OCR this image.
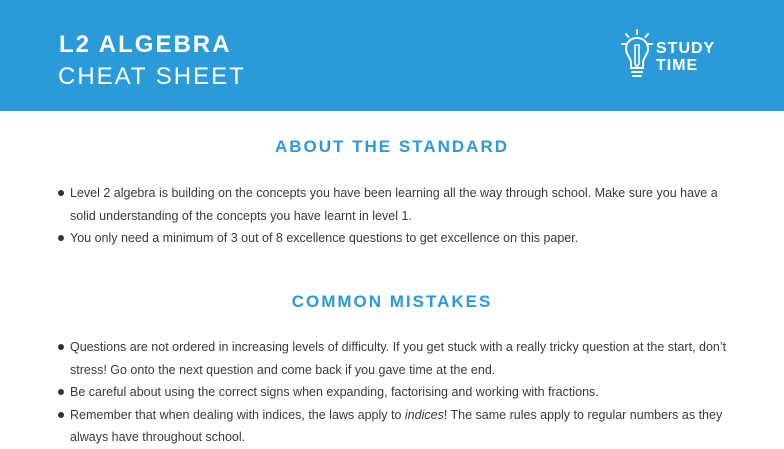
L2 ALGEBRA
CHEAT SHEET
STUDY
TIME
ABOUT THE STANDARD
Level 2 algebra is building on the concepts you have been learning all the way through school. Make sure you have a solid understanding of the concepts you have learnt in level 1.
You only need a minimum of 3 out of 8 excellence questions to get excellence on this paper.
COMMON MISTAKES
Questions are not ordered in increasing levels of difficulty. If you get stuck with a really tricky question at the start, don’t stress! Go onto the next question and come back if you gave time at the end.
Be careful about using the correct signs when expanding, factorising and working with fractions.
Remember that when dealing with indices, the laws apply to indices! The same rules apply to regular numbers as they always have throughout school.
